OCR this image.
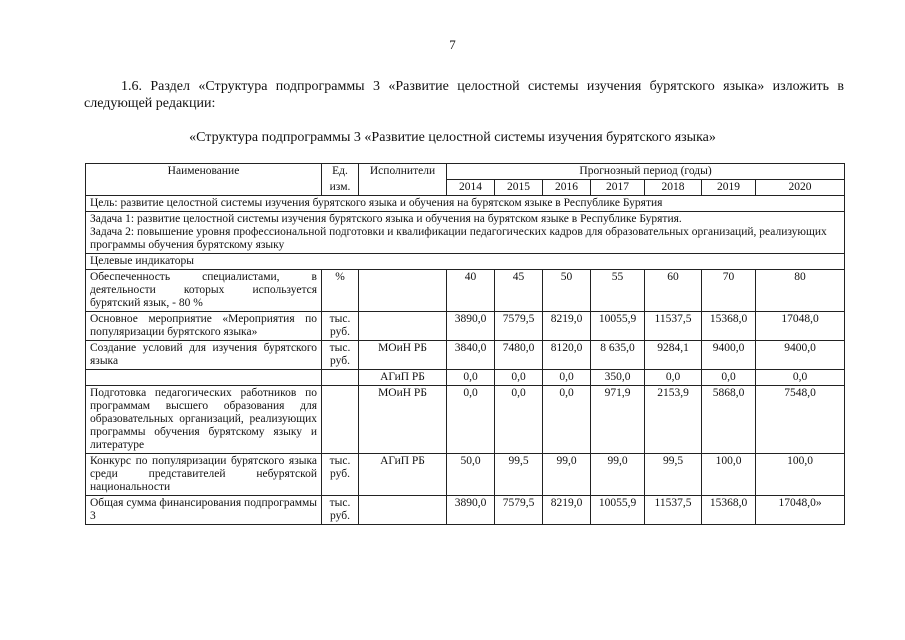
7
1.6. Раздел «Структура подпрограммы 3 «Развитие целостной системы изучения бурятского языка» изложить в следующей редакции:
«Структура подпрограммы 3 «Развитие целостной системы изучения бурятского языка»
Наименование	Ед.	Исполнители	Прогнозный период (годы)						
	изм.		2014	2015	2016	2017	2018	2019	2020
Цель: развитие целостной системы изучения бурятского языка и обучения на бурятском языке в Республике Бурятия									

Задача 1: развитие целостной системы изучения бурятского языка и обучения на бурятском языке в Республике Бурятия.
Задача 2: повышение уровня профессиональной подготовки и квалификации педагогических кадров для образовательных организаций, реализующих программы обучения бурятскому языку									

Целевые индикаторы									
Обеспеченность специалистами, в деятельности которых используется бурятский язык, - 80 %	%		40	45	50	55	60	70	80
Основное мероприятие «Мероприятия по популяризации бурятского языка»	тыс. руб.		3890,0	7579,5	8219,0	10055,9	11537,5	15368,0	17048,0
Создание условий для изучения бурятского языка	тыс. руб.	МОиН РБ	3840,0	7480,0	8120,0	8 635,0	9284,1	9400,0	9400,0
		АГиП РБ	0,0	0,0	0,0	350,0	0,0	0,0	0,0
Подготовка педагогических работников по программам высшего образования для образовательных организаций, реализующих программы обучения бурятскому языку и литературе		МОиН РБ	0,0	0,0	0,0	971,9	2153,9	5868,0	7548,0
Конкурс по популяризации бурятского языка среди представителей небурятской национальности	тыс. руб.	АГиП РБ	50,0	99,5	99,0	99,0	99,5	100,0	100,0
Общая сумма финансирования подпрограммы 3	тыс. руб.		3890,0	7579,5	8219,0	10055,9	11537,5	15368,0	17048,0»
